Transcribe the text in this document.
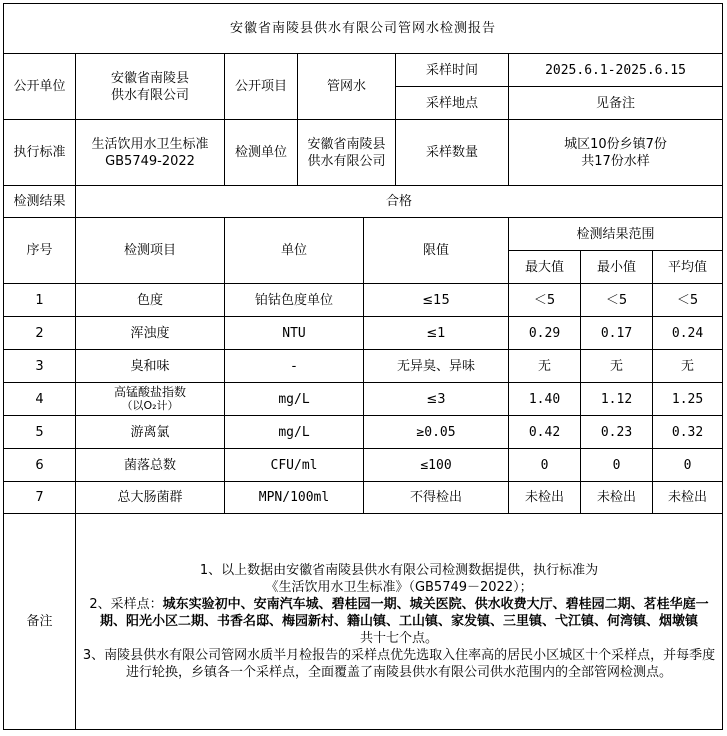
安徽省南陵县供水有限公司管网水检测报告								
公开单位	安徽省南陵县
供水有限公司	公开项目	管网水		采样时间	2025.6.1-2025.6.15		
					采样地点	见备注		
执行标准	生活饮用水卫生标准
GB5749-2022	检测单位	安徽省南陵县
供水有限公司		采样数量	城区10份乡镇7份
共17份水样		

检测结果	合格							
序号	检测项目	单位		限值		检测结果范围		
						最大值	最小值	平均值
1	色度	铂钴色度单位		≤15		＜5	＜5	＜5
2	浑浊度	NTU		≤1		0.29	0.17	0.24
3	臭和味	-		无异臭、异味		无	无	无
4	高锰酸盐指数
（以O₂计）	mg/L		≤3		1.40	1.12	1.25
5	游离氯	mg/L		≥0.05		0.42	0.23	0.32
6	菌落总数	CFU/ml		≤100		0	0	0
7	总大肠菌群	MPN/100ml		不得检出		未检出	未检出	未检出
备注	1、以上数据由安徽省南陵县供水有限公司检测数据提供，执行标准为
《生活饮用水卫生标准》（GB5749－2022）；
2、采样点：城东实验初中、安南汽车城、碧桂园一期、城关医院、供水收费大厅、碧桂园二期、茗桂华庭一期、阳光小区二期、书香名邸、梅园新村、籍山镇、工山镇、家发镇、三里镇、弋江镇、何湾镇、烟墩镇
共十七个点。
3、南陵县供水有限公司管网水质半月检报告的采样点优先选取入住率高的居民小区城区十个采样点，并每季度进行轮换，乡镇各一个采样点，全面覆盖了南陵县供水有限公司供水范围内的全部管网检测点。							
